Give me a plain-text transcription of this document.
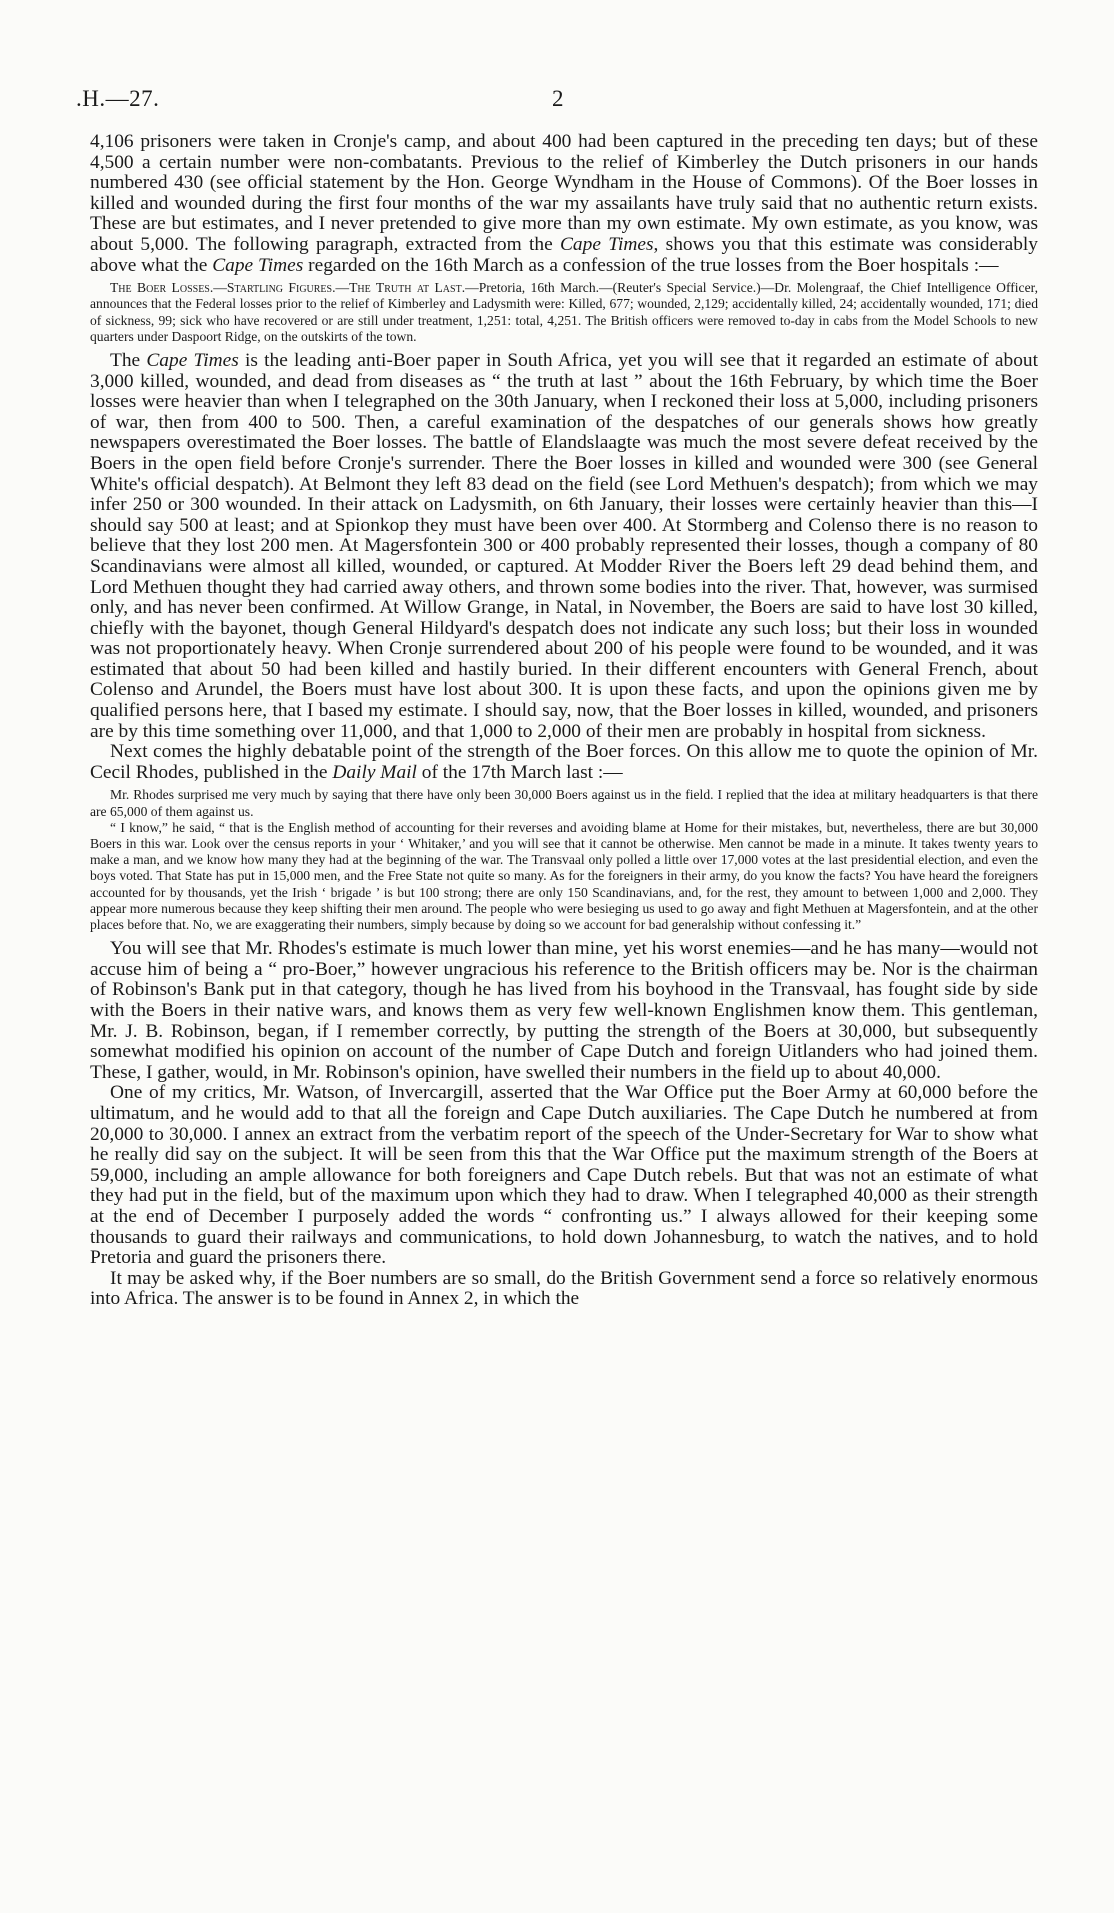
.H.—27.	2

4,106 prisoners were taken in Cronje's camp, and about 400 had been captured in the preceding ten days; but of these 4,500 a certain number were non-combatants. Previous to the relief of Kimberley the Dutch prisoners in our hands numbered 430 (see official statement by the Hon. George Wyndham in the House of Commons). Of the Boer losses in killed and wounded during the first four months of the war my assailants have truly said that no authentic return exists. These are but estimates, and I never pretended to give more than my own estimate. My own estimate, as you know, was about 5,000. The following paragraph, extracted from the Cape Times, shows you that this estimate was considerably above what the Cape Times regarded on the 16th March as a confession of the true losses from the Boer hospitals :—

The Boer Losses.—Startling Figures.—The Truth at Last.—Pretoria, 16th March.—(Reuter's Special Service.)—Dr. Molengraaf, the Chief Intelligence Officer, announces that the Federal losses prior to the relief of Kimberley and Ladysmith were: Killed, 677; wounded, 2,129; accidentally killed, 24; accidentally wounded, 171; died of sickness, 99; sick who have recovered or are still under treatment, 1,251: total, 4,251. The British officers were removed to-day in cabs from the Model Schools to new quarters under Daspoort Ridge, on the outskirts of the town.

The Cape Times is the leading anti-Boer paper in South Africa, yet you will see that it regarded an estimate of about 3,000 killed, wounded, and dead from diseases as “ the truth at last ” about the 16th February, by which time the Boer losses were heavier than when I telegraphed on the 30th January, when I reckoned their loss at 5,000, including prisoners of war, then from 400 to 500. Then, a careful examination of the despatches of our generals shows how greatly newspapers overestimated the Boer losses. The battle of Elandslaagte was much the most severe defeat received by the Boers in the open field before Cronje's surrender. There the Boer losses in killed and wounded were 300 (see General White's official despatch). At Belmont they left 83 dead on the field (see Lord Methuen's despatch); from which we may infer 250 or 300 wounded. In their attack on Ladysmith, on 6th January, their losses were certainly heavier than this—I should say 500 at least; and at Spionkop they must have been over 400. At Stormberg and Colenso there is no reason to believe that they lost 200 men. At Magersfontein 300 or 400 probably represented their losses, though a company of 80 Scandinavians were almost all killed, wounded, or captured. At Modder River the Boers left 29 dead behind them, and Lord Methuen thought they had carried away others, and thrown some bodies into the river. That, however, was surmised only, and has never been confirmed. At Willow Grange, in Natal, in November, the Boers are said to have lost 30 killed, chiefly with the bayonet, though General Hildyard's despatch does not indicate any such loss; but their loss in wounded was not proportionately heavy. When Cronje surrendered about 200 of his people were found to be wounded, and it was estimated that about 50 had been killed and hastily buried. In their different encounters with General French, about Colenso and Arundel, the Boers must have lost about 300. It is upon these facts, and upon the opinions given me by qualified persons here, that I based my estimate. I should say, now, that the Boer losses in killed, wounded, and prisoners are by this time something over 11,000, and that 1,000 to 2,000 of their men are probably in hospital from sickness.

Next comes the highly debatable point of the strength of the Boer forces. On this allow me to quote the opinion of Mr. Cecil Rhodes, published in the Daily Mail of the 17th March last :—

Mr. Rhodes surprised me very much by saying that there have only been 30,000 Boers against us in the field. I replied that the idea at military headquarters is that there are 65,000 of them against us.

“ I know,” he said, “ that is the English method of accounting for their reverses and avoiding blame at Home for their mistakes, but, nevertheless, there are but 30,000 Boers in this war. Look over the census reports in your ‘ Whitaker,’ and you will see that it cannot be otherwise. Men cannot be made in a minute. It takes twenty years to make a man, and we know how many they had at the beginning of the war. The Transvaal only polled a little over 17,000 votes at the last presidential election, and even the boys voted. That State has put in 15,000 men, and the Free State not quite so many. As for the foreigners in their army, do you know the facts? You have heard the foreigners accounted for by thousands, yet the Irish ‘ brigade ’ is but 100 strong; there are only 150 Scandinavians, and, for the rest, they amount to between 1,000 and 2,000. They appear more numerous because they keep shifting their men around. The people who were besieging us used to go away and fight Methuen at Magersfontein, and at the other places before that. No, we are exaggerating their numbers, simply because by doing so we account for bad generalship without confessing it.”

You will see that Mr. Rhodes's estimate is much lower than mine, yet his worst enemies—and he has many—would not accuse him of being a “ pro-Boer,” however ungracious his reference to the British officers may be. Nor is the chairman of Robinson's Bank put in that category, though he has lived from his boyhood in the Transvaal, has fought side by side with the Boers in their native wars, and knows them as very few well-known Englishmen know them. This gentleman, Mr. J. B. Robinson, began, if I remember correctly, by putting the strength of the Boers at 30,000, but subsequently somewhat modified his opinion on account of the number of Cape Dutch and foreign Uitlanders who had joined them. These, I gather, would, in Mr. Robinson's opinion, have swelled their numbers in the field up to about 40,000.

One of my critics, Mr. Watson, of Invercargill, asserted that the War Office put the Boer Army at 60,000 before the ultimatum, and he would add to that all the foreign and Cape Dutch auxiliaries. The Cape Dutch he numbered at from 20,000 to 30,000. I annex an extract from the verbatim report of the speech of the Under-Secretary for War to show what he really did say on the subject. It will be seen from this that the War Office put the maximum strength of the Boers at 59,000, including an ample allowance for both foreigners and Cape Dutch rebels. But that was not an estimate of what they had put in the field, but of the maximum upon which they had to draw. When I telegraphed 40,000 as their strength at the end of December I purposely added the words “ confronting us.” I always allowed for their keeping some thousands to guard their railways and communications, to hold down Johannesburg, to watch the natives, and to hold Pretoria and guard the prisoners there.

It may be asked why, if the Boer numbers are so small, do the British Government send a force so relatively enormous into Africa. The answer is to be found in Annex 2, in which the
